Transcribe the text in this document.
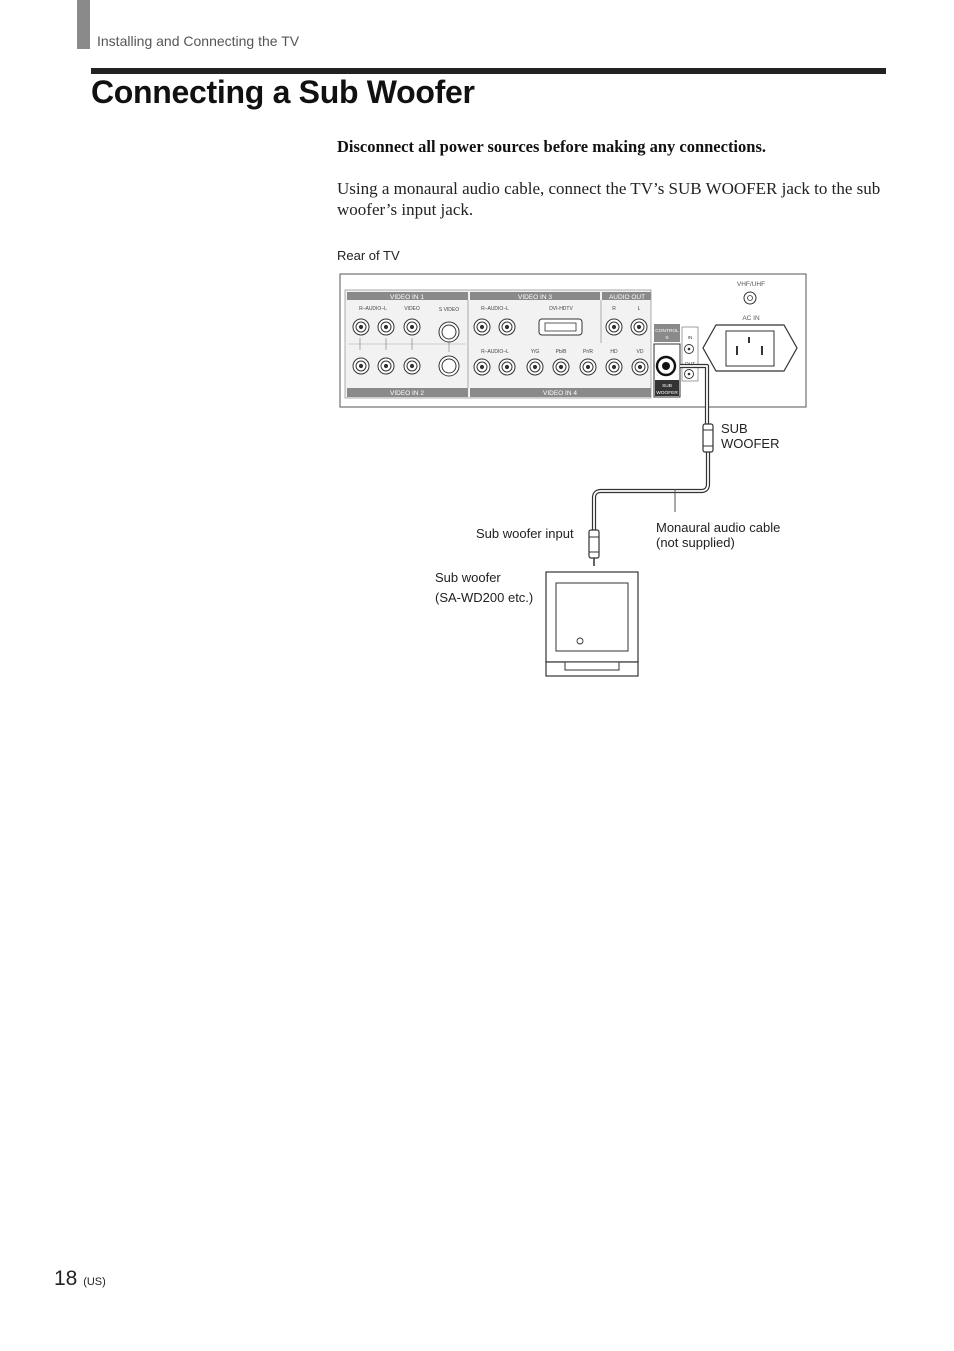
Installing and Connecting the TV
Connecting a Sub Woofer
Disconnect all power sources before making any connections.
Using a monaural audio cable, connect the TV’s SUB WOOFER jack to the sub woofer’s input jack.
Rear of TV
VIDEO IN 1	VIDEO IN 3	AUDIO OUT
VIDEO IN 2	VIDEO IN 4
R–AUDIO–L	VIDEO	S VIDEO	R–AUDIO–L	DVI-HDTV	R	L
R–AUDIO–L	Y/G	Pb/B	Pr/R	HD	VD
CONTROL
S	IN
OUT
SUB
WOOFER
VHF/UHF
AC IN
SUB
WOOFER
Sub woofer input	Monaural audio cable
(not supplied)
Sub woofer
(SA-WD200 etc.)
18 (US)
